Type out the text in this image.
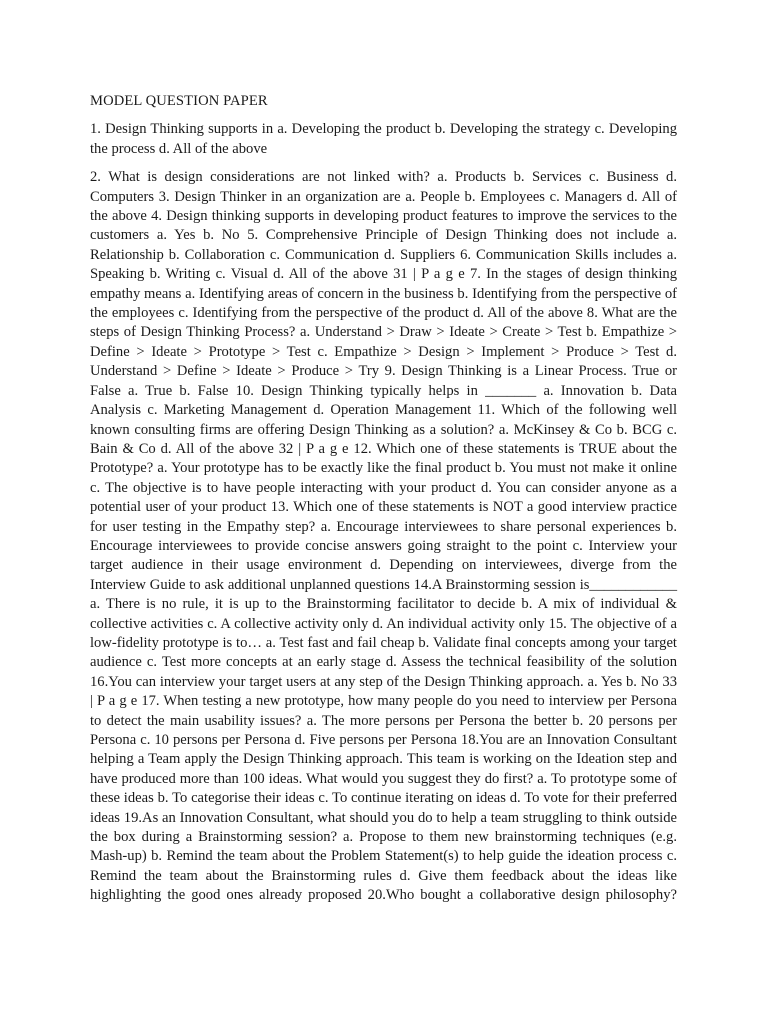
MODEL QUESTION PAPER

1. Design Thinking supports in a. Developing the product b. Developing the strategy c. Developing the process d. All of the above

2. What is design considerations are not linked with? a. Products b. Services c. Business d. Computers 3. Design Thinker in an organization are a. People b. Employees c. Managers d. All of the above 4. Design thinking supports in developing product features to improve the services to the customers a. Yes b. No 5. Comprehensive Principle of Design Thinking does not include a. Relationship b. Collaboration c. Communication d. Suppliers 6. Communication Skills includes a. Speaking b. Writing c. Visual d. All of the above 31 | P a g e 7. In the stages of design thinking empathy means a. Identifying areas of concern in the business b. Identifying from the perspective of the employees c. Identifying from the perspective of the product d. All of the above 8. What are the steps of Design Thinking Process? a. Understand > Draw > Ideate > Create > Test b. Empathize > Define > Ideate > Prototype > Test c. Empathize > Design > Implement > Produce > Test d. Understand > Define > Ideate > Produce > Try 9. Design Thinking is a Linear Process. True or False a. True b. False 10. Design Thinking typically helps in _______ a. Innovation b. Data Analysis c. Marketing Management d. Operation Management 11. Which of the following well known consulting firms are offering Design Thinking as a solution? a. McKinsey & Co b. BCG c. Bain & Co d. All of the above 32 | P a g e 12. Which one of these statements is TRUE about the Prototype? a. Your prototype has to be exactly like the final product b. You must not make it online c. The objective is to have people interacting with your product d. You can consider anyone as a potential user of your product 13. Which one of these statements is NOT a good interview practice for user testing in the Empathy step? a. Encourage interviewees to share personal experiences b. Encourage interviewees to provide concise answers going straight to the point c. Interview your target audience in their usage environment d. Depending on interviewees, diverge from the Interview Guide to ask additional unplanned questions 14.A Brainstorming session is____________ a. There is no rule, it is up to the Brainstorming facilitator to decide b. A mix of individual & collective activities c. A collective activity only d. An individual activity only 15. The objective of a low-fidelity prototype is to… a. Test fast and fail cheap b. Validate final concepts among your target audience c. Test more concepts at an early stage d. Assess the technical feasibility of the solution 16.You can interview your target users at any step of the Design Thinking approach. a. Yes b. No 33 | P a g e 17. When testing a new prototype, how many people do you need to interview per Persona to detect the main usability issues? a. The more persons per Persona the better b. 20 persons per Persona c. 10 persons per Persona d. Five persons per Persona 18.You are an Innovation Consultant helping a Team apply the Design Thinking approach. This team is working on the Ideation step and have produced more than 100 ideas. What would you suggest they do first? a. To prototype some of these ideas b. To categorise their ideas c. To continue iterating on ideas d. To vote for their preferred ideas 19.As an Innovation Consultant, what should you do to help a team struggling to think outside the box during a Brainstorming session? a. Propose to them new brainstorming techniques (e.g. Mash-up) b. Remind the team about the Problem Statement(s) to help guide the ideation process c. Remind the team about the Brainstorming rules d. Give them feedback about the ideas like highlighting the good ones already proposed 20.Who bought a collaborative design philosophy?
